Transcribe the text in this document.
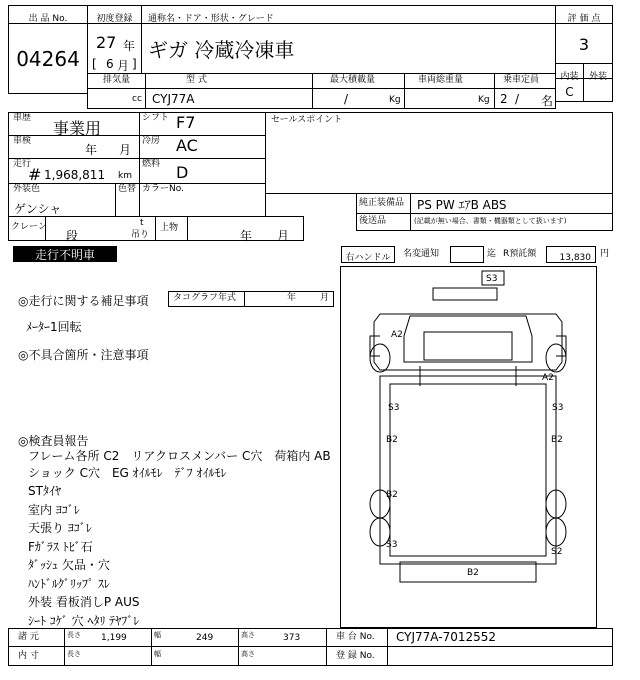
出 品 No.
04264
初度登録	通称名・ドア・形状・グレード
27 年
[ 6 月 ]
ギガ 冷蔵冷凍車
評 価 点
3
内装	外装
C
排気量	型 式	最大積載量	車両総重量	乗車定員
cc CYJ77A	/	Kg	Kg 2 / 名
車歴
事業用
シフト F7
車検
年 月
冷房 AC
走行
# 1,968,811 km
燃料 D
外装色
ゲンシャ
色替 カラーNo.
セールスポイント
純正装備品 PS PW ｴｱB ABS
後送品	(記載が無い場合、書類・機器類として扱います)
クレーン
段
t
吊り
上物
年 月
走行不明車	右ハンドル	名変通知	迄 R預託額	13,830	円
◎走行に関する補足事項	タコグラフ年式	年	月
ﾒｰﾀｰ1回転
◎不具合箇所・注意事項
◎検査員報告
フレーム各所 C2　リアクロスメンバー C穴　荷箱内 AB
ショック C穴　EG ｵｲﾙﾓﾚ　ﾃﾞﾌ ｵｲﾙﾓﾚ
STﾀｲﾔ
室内 ﾖｺﾞﾚ
天張り ﾖｺﾞﾚ
Fｶﾞﾗｽ ﾄﾋﾞ石
ﾀﾞｯｼｭ 欠品・穴
ﾊﾝﾄﾞﾙｸﾞﾘｯﾌﾟ ｽﾚ
外装 看板消しP AUS
ｼｰﾄ ｺｹﾞ 穴 ﾍﾀﾘ ﾃﾔﾌﾞﾚ
S3
A2
A2
S3	S3
B2	B2
B2
S3
S2
B2
諸 元	長さ 1,199	幅	249	高さ	373	車 台 No. CYJ77A-7012552
内 寸	長さ	幅	高さ	登 録 No.
